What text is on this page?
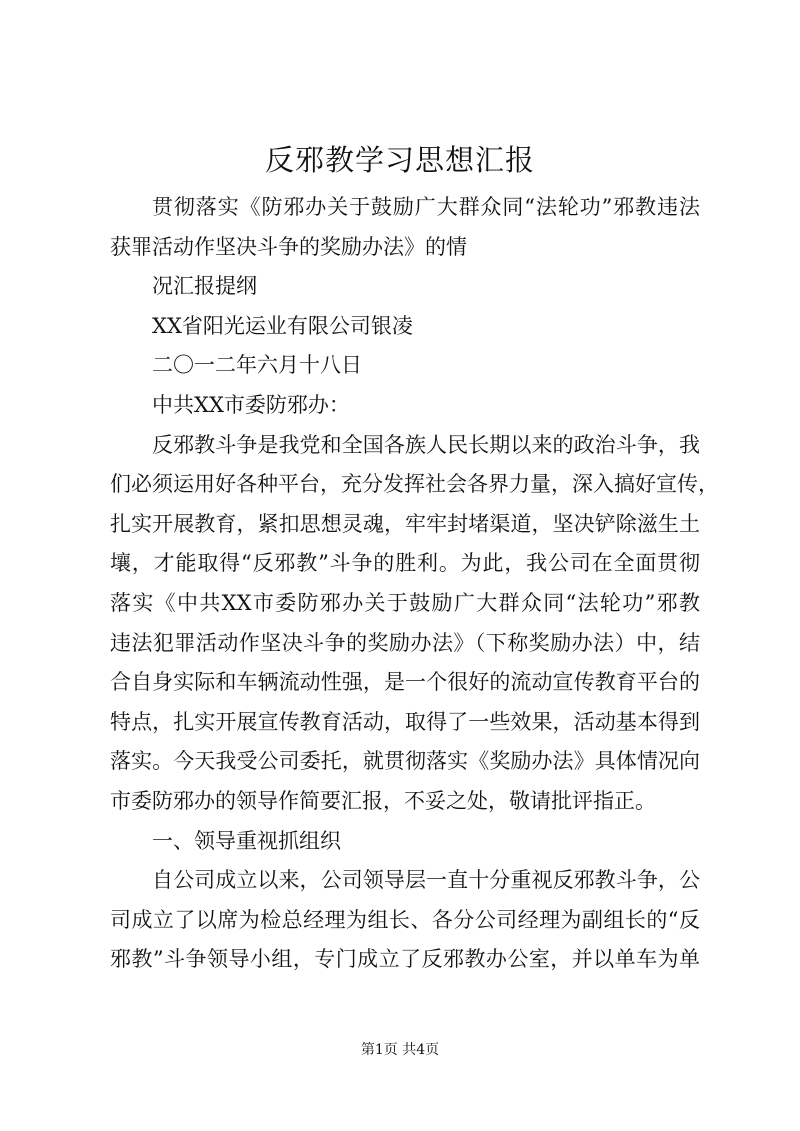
反邪教学习思想汇报
贯彻落实《防邪办关于鼓励广大群众同“法轮功”邪教违法
获罪活动作坚决斗争的奖励办法》的情
况汇报提纲
XX省阳光运业有限公司银凌
二〇一二年六月十八日
中共XX市委防邪办：
反邪教斗争是我党和全国各族人民长期以来的政治斗争，我
们必须运用好各种平台，充分发挥社会各界力量，深入搞好宣传，
扎实开展教育，紧扣思想灵魂，牢牢封堵渠道，坚决铲除滋生土
壤，才能取得“反邪教”斗争的胜利。为此，我公司在全面贯彻
落实《中共XX市委防邪办关于鼓励广大群众同“法轮功”邪教
违法犯罪活动作坚决斗争的奖励办法》（下称奖励办法）中，结
合自身实际和车辆流动性强，是一个很好的流动宣传教育平台的
特点，扎实开展宣传教育活动，取得了一些效果，活动基本得到
落实。今天我受公司委托，就贯彻落实《奖励办法》具体情况向
市委防邪办的领导作简要汇报，不妥之处，敬请批评指正。
一、领导重视抓组织
自公司成立以来，公司领导层一直十分重视反邪教斗争，公
司成立了以席为检总经理为组长、各分公司经理为副组长的“反
邪教”斗争领导小组，专门成立了反邪教办公室，并以单车为单
第1页 共4页
